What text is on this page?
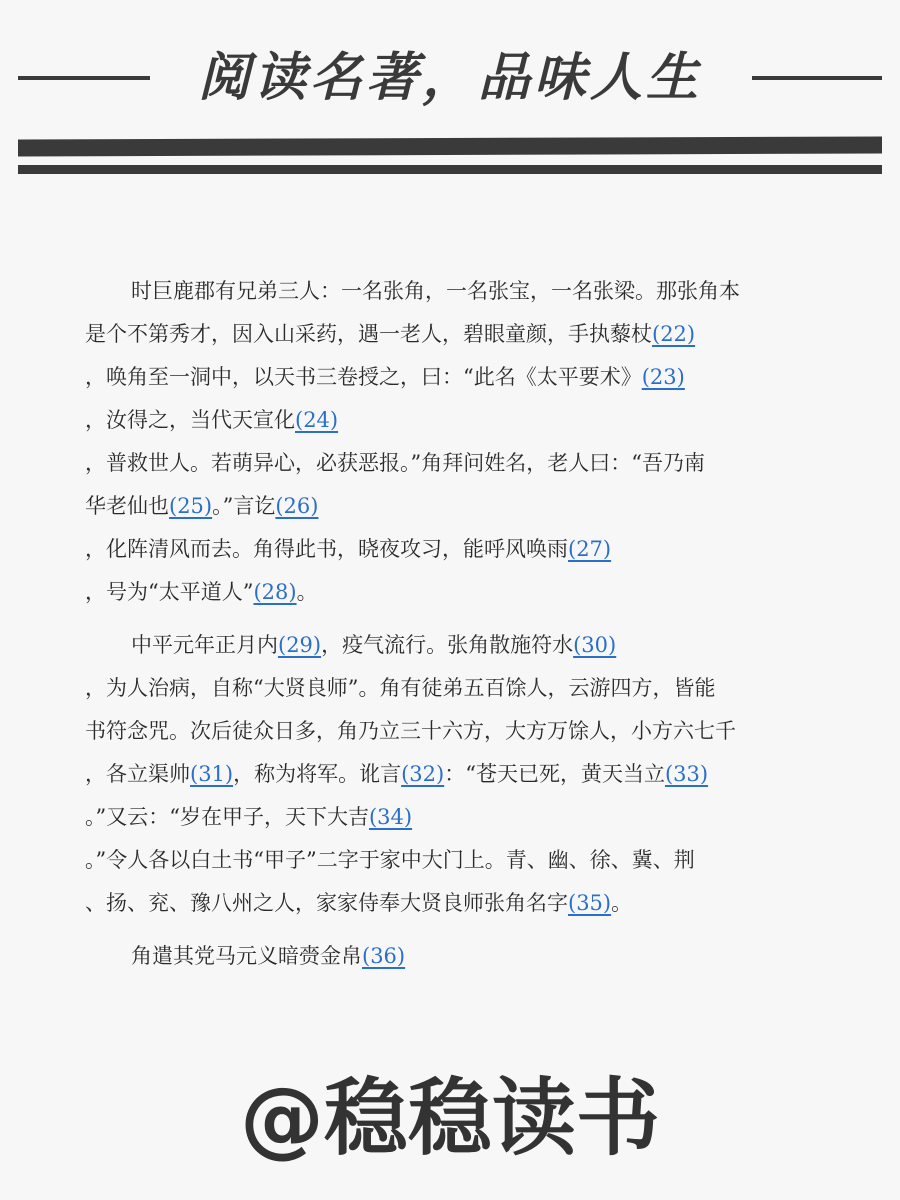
阅读名著，品味人生
时巨鹿郡有兄弟三人：一名张角，一名张宝，一名张梁。那张角本
是个不第秀才，因入山采药，遇一老人，碧眼童颜，手执藜杖(22)
，唤角至一洞中，以天书三卷授之，曰：“此名《太平要术》(23)
，汝得之，当代天宣化(24)
，普救世人。若萌异心，必获恶报。”角拜问姓名，老人曰：“吾乃南
华老仙也(25)。”言讫(26)
，化阵清风而去。角得此书，晓夜攻习，能呼风唤雨(27)
，号为“太平道人”(28)。
中平元年正月内(29)，疫气流行。张角散施符水(30)
，为人治病，自称“大贤良师”。角有徒弟五百馀人，云游四方，皆能
书符念咒。次后徒众日多，角乃立三十六方，大方万馀人，小方六七千
，各立渠帅(31)，称为将军。讹言(32)：“苍天已死，黄天当立(33)
。”又云：“岁在甲子，天下大吉(34)
。”令人各以白土书“甲子”二字于家中大门上。青、幽、徐、冀、荆
、扬、兖、豫八州之人，家家侍奉大贤良师张角名字(35)。
角遣其党马元义暗赍金帛(36)
@稳稳读书
